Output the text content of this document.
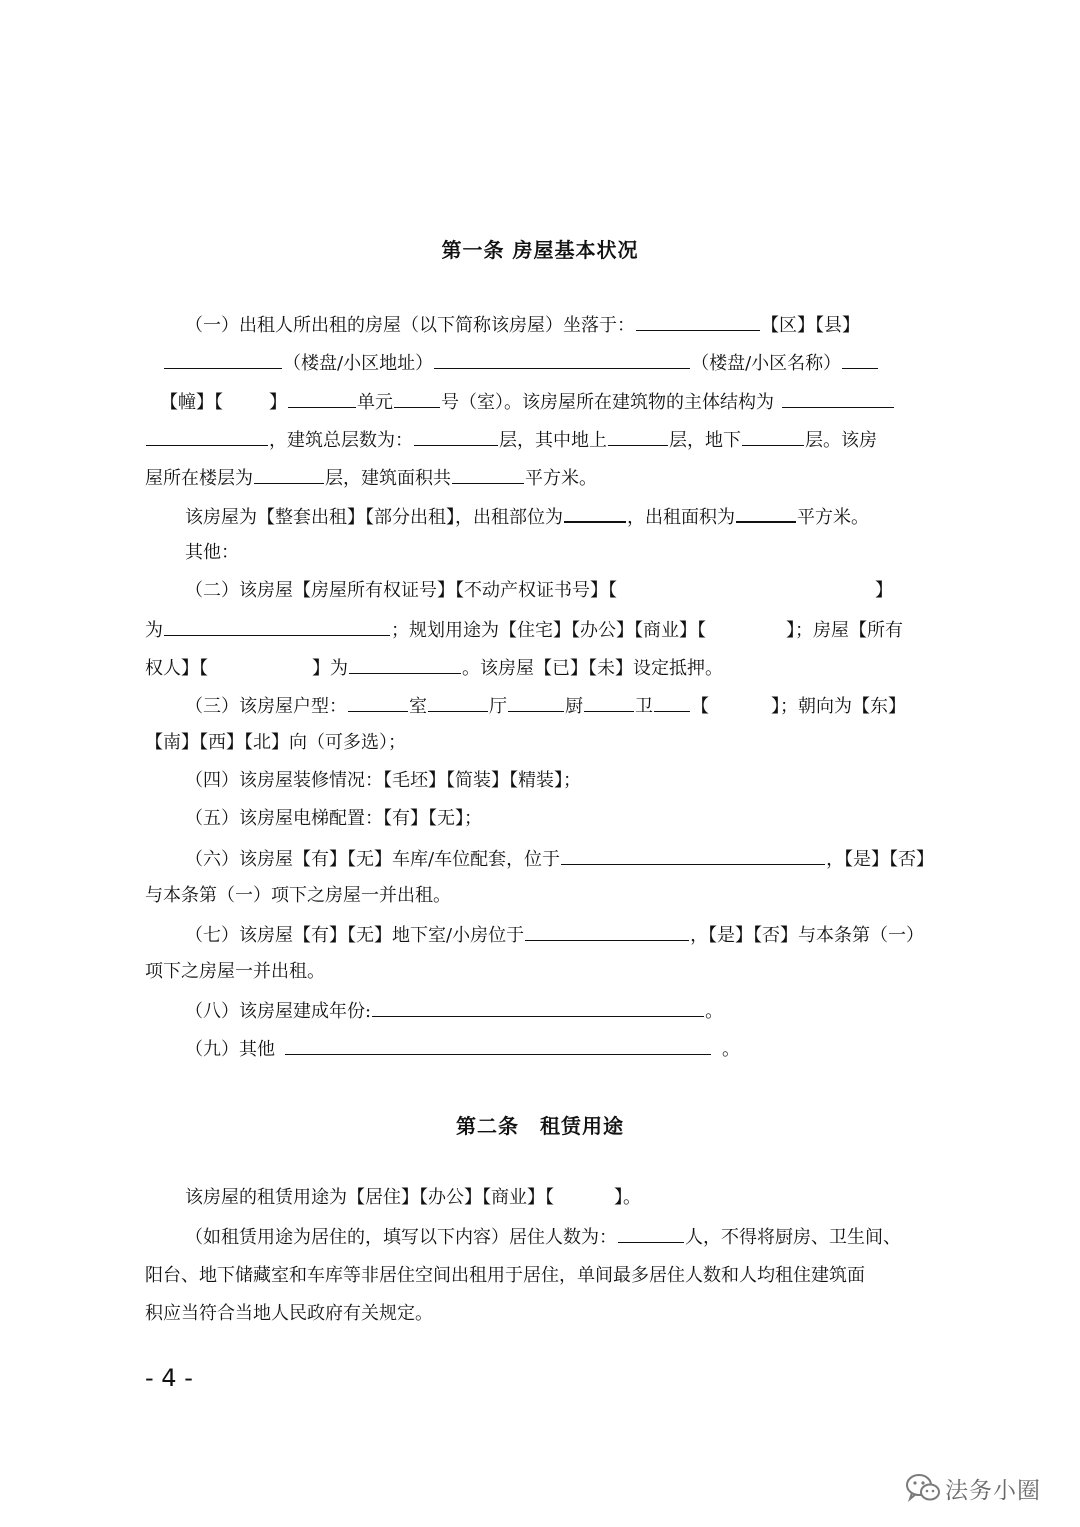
第一条 房屋基本状况
（一）出租人所出租的房屋（以下简称该房屋）坐落于：	【区】【县】
（楼盘/小区地址）	（楼盘/小区名称）
【幢】【	】	单元	号（室）。该房屋所在建筑物的主体结构为
，建筑总层数为：	层，其中地上	层，地下	层。该房
屋所在楼层为	层，建筑面积共	平方米。
该房屋为【整套出租】【部分出租】，出租部位为	，出租面积为	平方米。
其他：
（二）该房屋【房屋所有权证号】【不动产权证书号】【	】
为	；规划用途为【住宅】【办公】【商业】【	】；房屋【所有
权人】【	】为	。该房屋【已】【未】设定抵押。
（三）该房屋户型：	室	厅	厨	卫 【	】；朝向为【东】
【南】【西】【北】向（可多选）；
（四）该房屋装修情况：【毛坯】【简装】【精装】；
（五）该房屋电梯配置：【有】【无】；
（六）该房屋【有】【无】车库/车位配套，位于	，【是】【否】
与本条第（一）项下之房屋一并出租。
（七）该房屋【有】【无】地下室/小房位于	，【是】【否】与本条第（一）
项下之房屋一并出租。
（八）该房屋建成年份:	。
（九）其他	。
第二条　租赁用途
该房屋的租赁用途为【居住】【办公】【商业】【	】。
（如租赁用途为居住的，填写以下内容）居住人数为：	人，不得将厨房、卫生间、
阳台、地下储藏室和车库等非居住空间出租用于居住，单间最多居住人数和人均租住建筑面
积应当符合当地人民政府有关规定。
- 4 -
法务小圈
